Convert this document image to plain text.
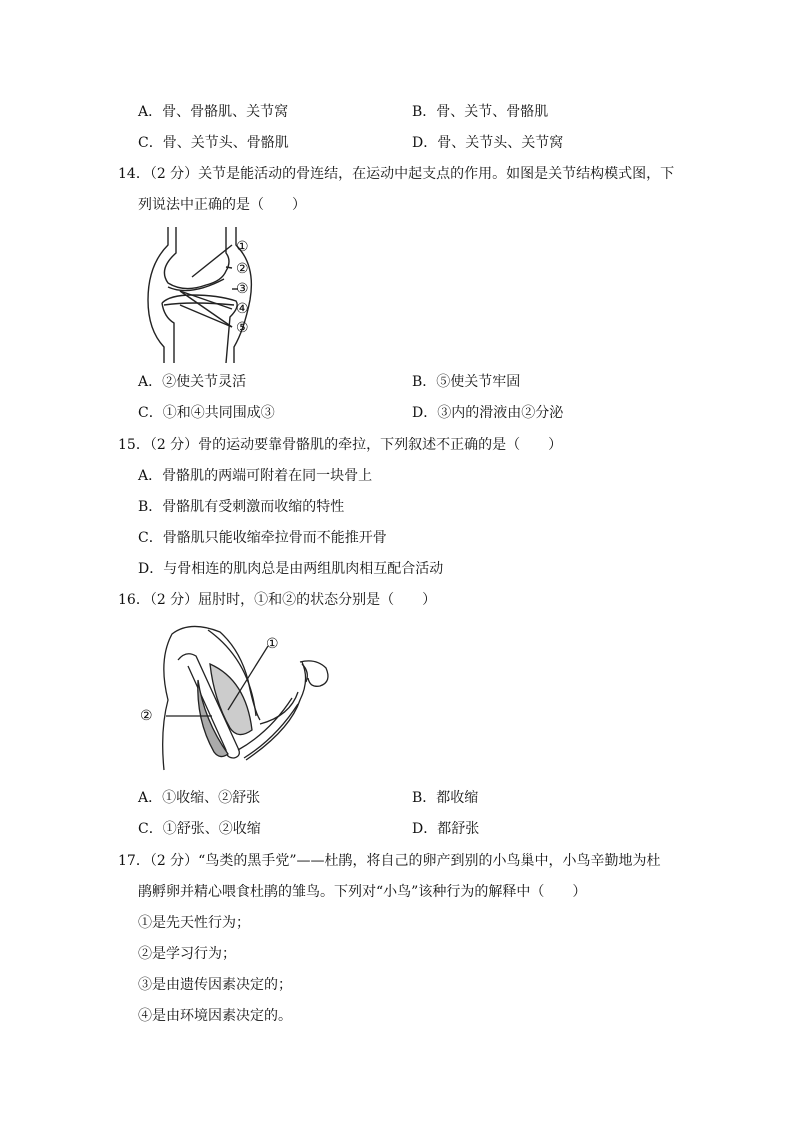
A．骨、骨骼肌、关节窝	B．骨、关节、骨骼肌
C．骨、关节头、骨骼肌	D．骨、关节头、关节窝
14．（2 分）关节是能活动的骨连结，在运动中起支点的作用。如图是关节结构模式图，下
列说法中正确的是（　　）
①
②
③
④
⑤
A．②使关节灵活	B．⑤使关节牢固
C．①和④共同围成③	D．③内的滑液由②分泌
15．（2 分）骨的运动要靠骨骼肌的牵拉，下列叙述不正确的是（　　）
A．骨骼肌的两端可附着在同一块骨上
B．骨骼肌有受刺激而收缩的特性
C．骨骼肌只能收缩牵拉骨而不能推开骨
D．与骨相连的肌肉总是由两组肌肉相互配合活动
16．（2 分）屈肘时，①和②的状态分别是（　　）
①
②
A．①收缩、②舒张	B．都收缩
C．①舒张、②收缩	D．都舒张
17．（2 分）“鸟类的黑手党”——杜鹃，将自己的卵产到别的小鸟巢中，小鸟辛勤地为杜
鹃孵卵并精心喂食杜鹃的雏鸟。下列对“小鸟”该种行为的解释中（　　）
①是先天性行为；
②是学习行为；
③是由遗传因素决定的；
④是由环境因素决定的。
